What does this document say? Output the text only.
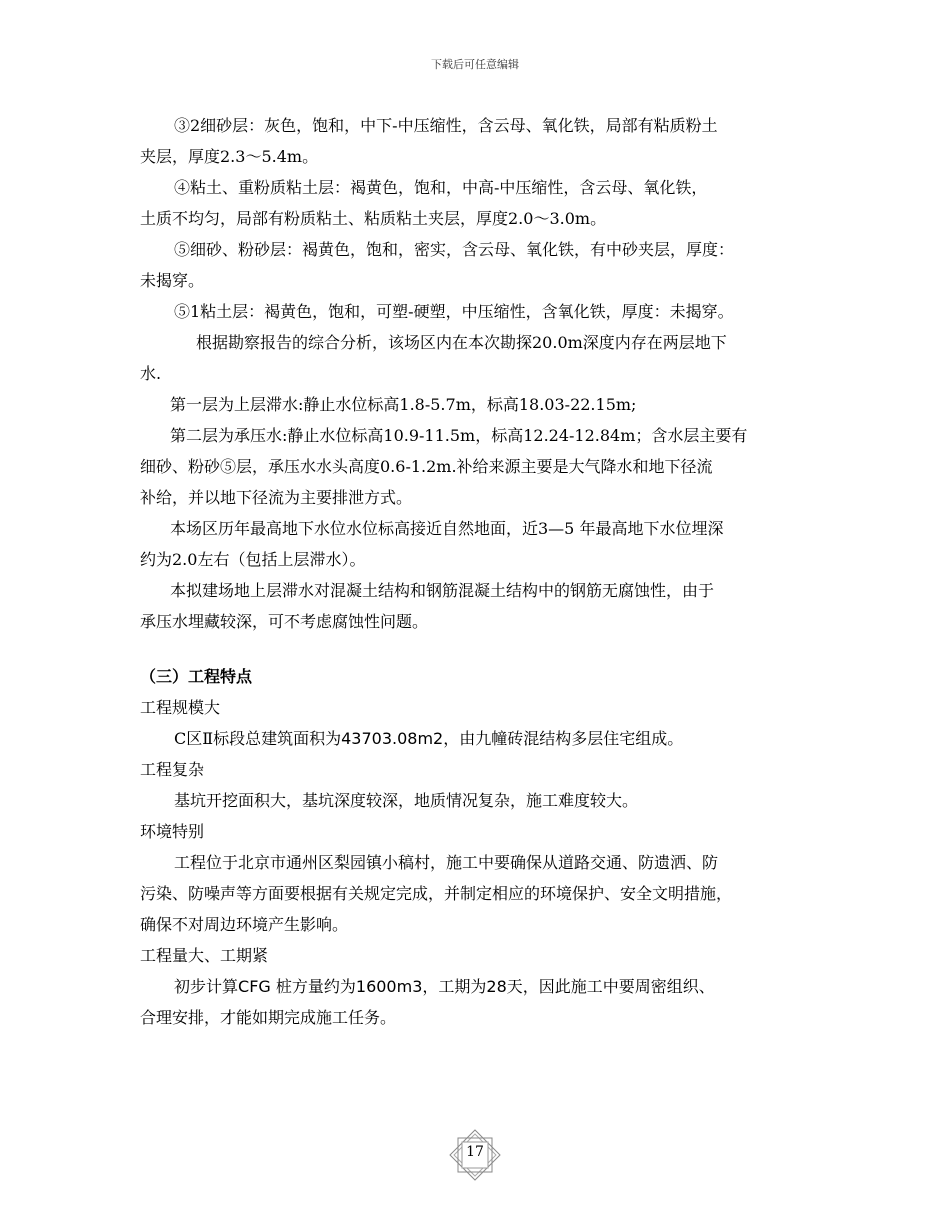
下载后可任意编辑

③2细砂层：灰色，饱和，中下-中压缩性，含云母、氧化铁，局部有粘质粉土

夹层，厚度2.3～5.4m。

④粘土、重粉质粘土层：褐黄色，饱和，中高-中压缩性，含云母、氧化铁，

土质不均匀，局部有粉质粘土、粘质粘土夹层，厚度2.0～3.0m。

⑤细砂、粉砂层：褐黄色，饱和，密实，含云母、氧化铁，有中砂夹层，厚度：

未揭穿。

⑤1粘土层：褐黄色，饱和，可塑-硬塑，中压缩性，含氧化铁，厚度：未揭穿。

根据勘察报告的综合分析，该场区内在本次勘探20.0m深度内存在两层地下

水.

第一层为上层滞水:静止水位标高1.8-5.7m，标高18.03-22.15m;

第二层为承压水:静止水位标高10.9-11.5m，标高12.24-12.84m；含水层主要有

细砂、粉砂⑤层，承压水水头高度0.6-1.2m.补给来源主要是大气降水和地下径流

补给，并以地下径流为主要排泄方式。

本场区历年最高地下水位水位标高接近自然地面，近3—5 年最高地下水位埋深

约为2.0左右（包括上层滞水）。

本拟建场地上层滞水对混凝土结构和钢筋混凝土结构中的钢筋无腐蚀性，由于

承压水埋藏较深，可不考虑腐蚀性问题。

（三）工程特点

工程规模大

C区Ⅱ标段总建筑面积为43703.08m2，由九幢砖混结构多层住宅组成。

工程复杂

基坑开挖面积大，基坑深度较深，地质情况复杂，施工难度较大。

环境特别

工程位于北京市通州区梨园镇小稿村，施工中要确保从道路交通、防遗洒、防

污染、防噪声等方面要根据有关规定完成，并制定相应的环境保护、安全文明措施，

确保不对周边环境产生影响。

工程量大、工期紧

初步计算CFG 桩方量约为1600m3，工期为28天，因此施工中要周密组织、

合理安排，才能如期完成施工任务。

17
